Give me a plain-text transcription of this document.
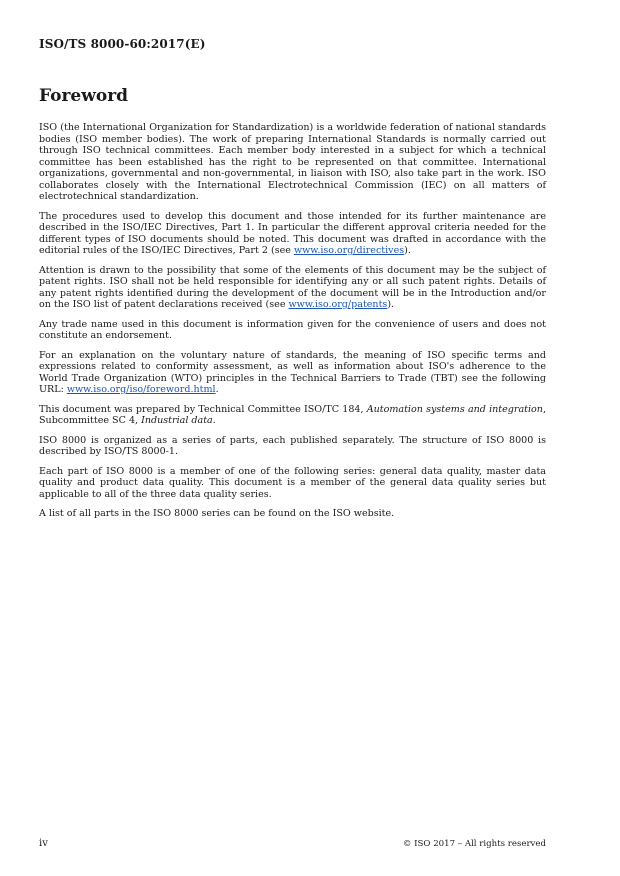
ISO/TS 8000-60:2017(E)
Foreword

ISO (the International Organization for Standardization) is a worldwide federation of national standards bodies (ISO member bodies). The work of preparing International Standards is normally carried out through ISO technical committees. Each member body interested in a subject for which a technical committee has been established has the right to be represented on that committee. International organizations, governmental and non-governmental, in liaison with ISO, also take part in the work. ISO collaborates closely with the International Electrotechnical Commission (IEC) on all matters of electrotechnical standardization.

The procedures used to develop this document and those intended for its further maintenance are described in the ISO/IEC Directives, Part 1. In particular the different approval criteria needed for the different types of ISO documents should be noted. This document was drafted in accordance with the editorial rules of the ISO/IEC Directives, Part 2 (see www.iso.org/directives).

Attention is drawn to the possibility that some of the elements of this document may be the subject of patent rights. ISO shall not be held responsible for identifying any or all such patent rights. Details of any patent rights identified during the development of the document will be in the Introduction and/or on the ISO list of patent declarations received (see www.iso.org/patents).

Any trade name used in this document is information given for the convenience of users and does not constitute an endorsement.

For an explanation on the voluntary nature of standards, the meaning of ISO specific terms and expressions related to conformity assessment, as well as information about ISO's adherence to the World Trade Organization (WTO) principles in the Technical Barriers to Trade (TBT) see the following URL: www.iso.org/iso/foreword.html.

This document was prepared by Technical Committee ISO/TC 184, Automation systems and integration, Subcommittee SC 4, Industrial data.

ISO 8000 is organized as a series of parts, each published separately. The structure of ISO 8000 is described by ISO/TS 8000-1.

Each part of ISO 8000 is a member of one of the following series: general data quality, master data quality and product data quality. This document is a member of the general data quality series but applicable to all of the three data quality series.

A list of all parts in the ISO 8000 series can be found on the ISO website.

iv	© ISO 2017 – All rights reserved
